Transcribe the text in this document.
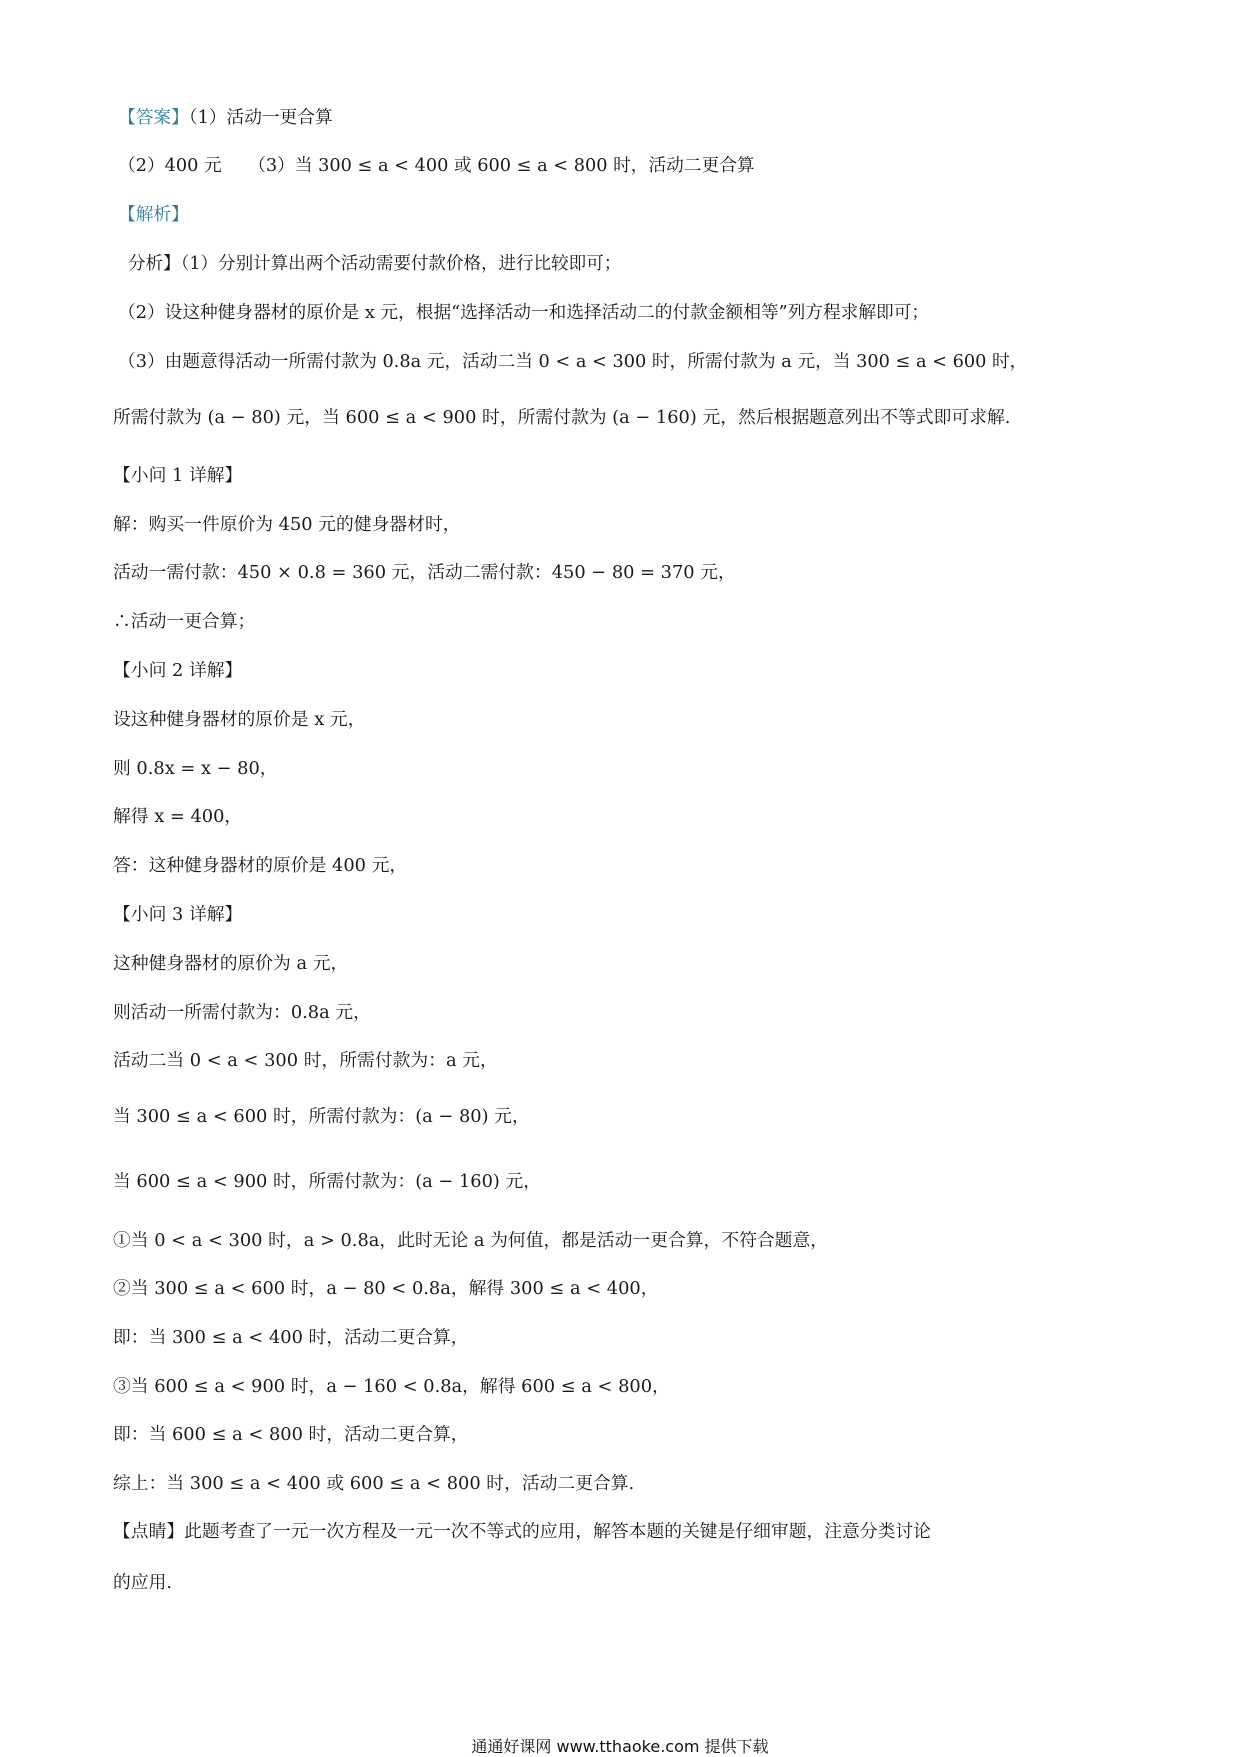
【答案】（1）活动一更合算
（2）400 元　　（3）当 300 ≤ a < 400 或 600 ≤ a < 800 时，活动二更合算
【解析】
分析】（1）分别计算出两个活动需要付款价格，进行比较即可；
（2）设这种健身器材的原价是 x 元，根据“选择活动一和选择活动二的付款金额相等”列方程求解即可；
（3）由题意得活动一所需付款为 0.8a 元，活动二当 0 < a < 300 时，所需付款为 a 元，当 300 ≤ a < 600 时，
所需付款为 (a − 80) 元，当 600 ≤ a < 900 时，所需付款为 (a − 160) 元，然后根据题意列出不等式即可求解.
【小问 1 详解】
解：购买一件原价为 450 元的健身器材时，
活动一需付款：450 × 0.8 = 360 元，活动二需付款：450 − 80 = 370 元，
∴活动一更合算；
【小问 2 详解】
设这种健身器材的原价是 x 元，
则 0.8x = x − 80，
解得 x = 400，
答：这种健身器材的原价是 400 元，
【小问 3 详解】
这种健身器材的原价为 a 元，
则活动一所需付款为：0.8a 元，
活动二当 0 < a < 300 时，所需付款为：a 元，
当 300 ≤ a < 600 时，所需付款为：(a − 80) 元，
当 600 ≤ a < 900 时，所需付款为：(a − 160) 元，
①当 0 < a < 300 时，a > 0.8a，此时无论 a 为何值，都是活动一更合算，不符合题意，
②当 300 ≤ a < 600 时，a − 80 < 0.8a，解得 300 ≤ a < 400，
即：当 300 ≤ a < 400 时，活动二更合算，
③当 600 ≤ a < 900 时，a − 160 < 0.8a，解得 600 ≤ a < 800，
即：当 600 ≤ a < 800 时，活动二更合算，
综上：当 300 ≤ a < 400 或 600 ≤ a < 800 时，活动二更合算.
【点睛】此题考查了一元一次方程及一元一次不等式的应用，解答本题的关键是仔细审题，注意分类讨论
的应用.
通通好课网 www.tthaoke.com 提供下载
